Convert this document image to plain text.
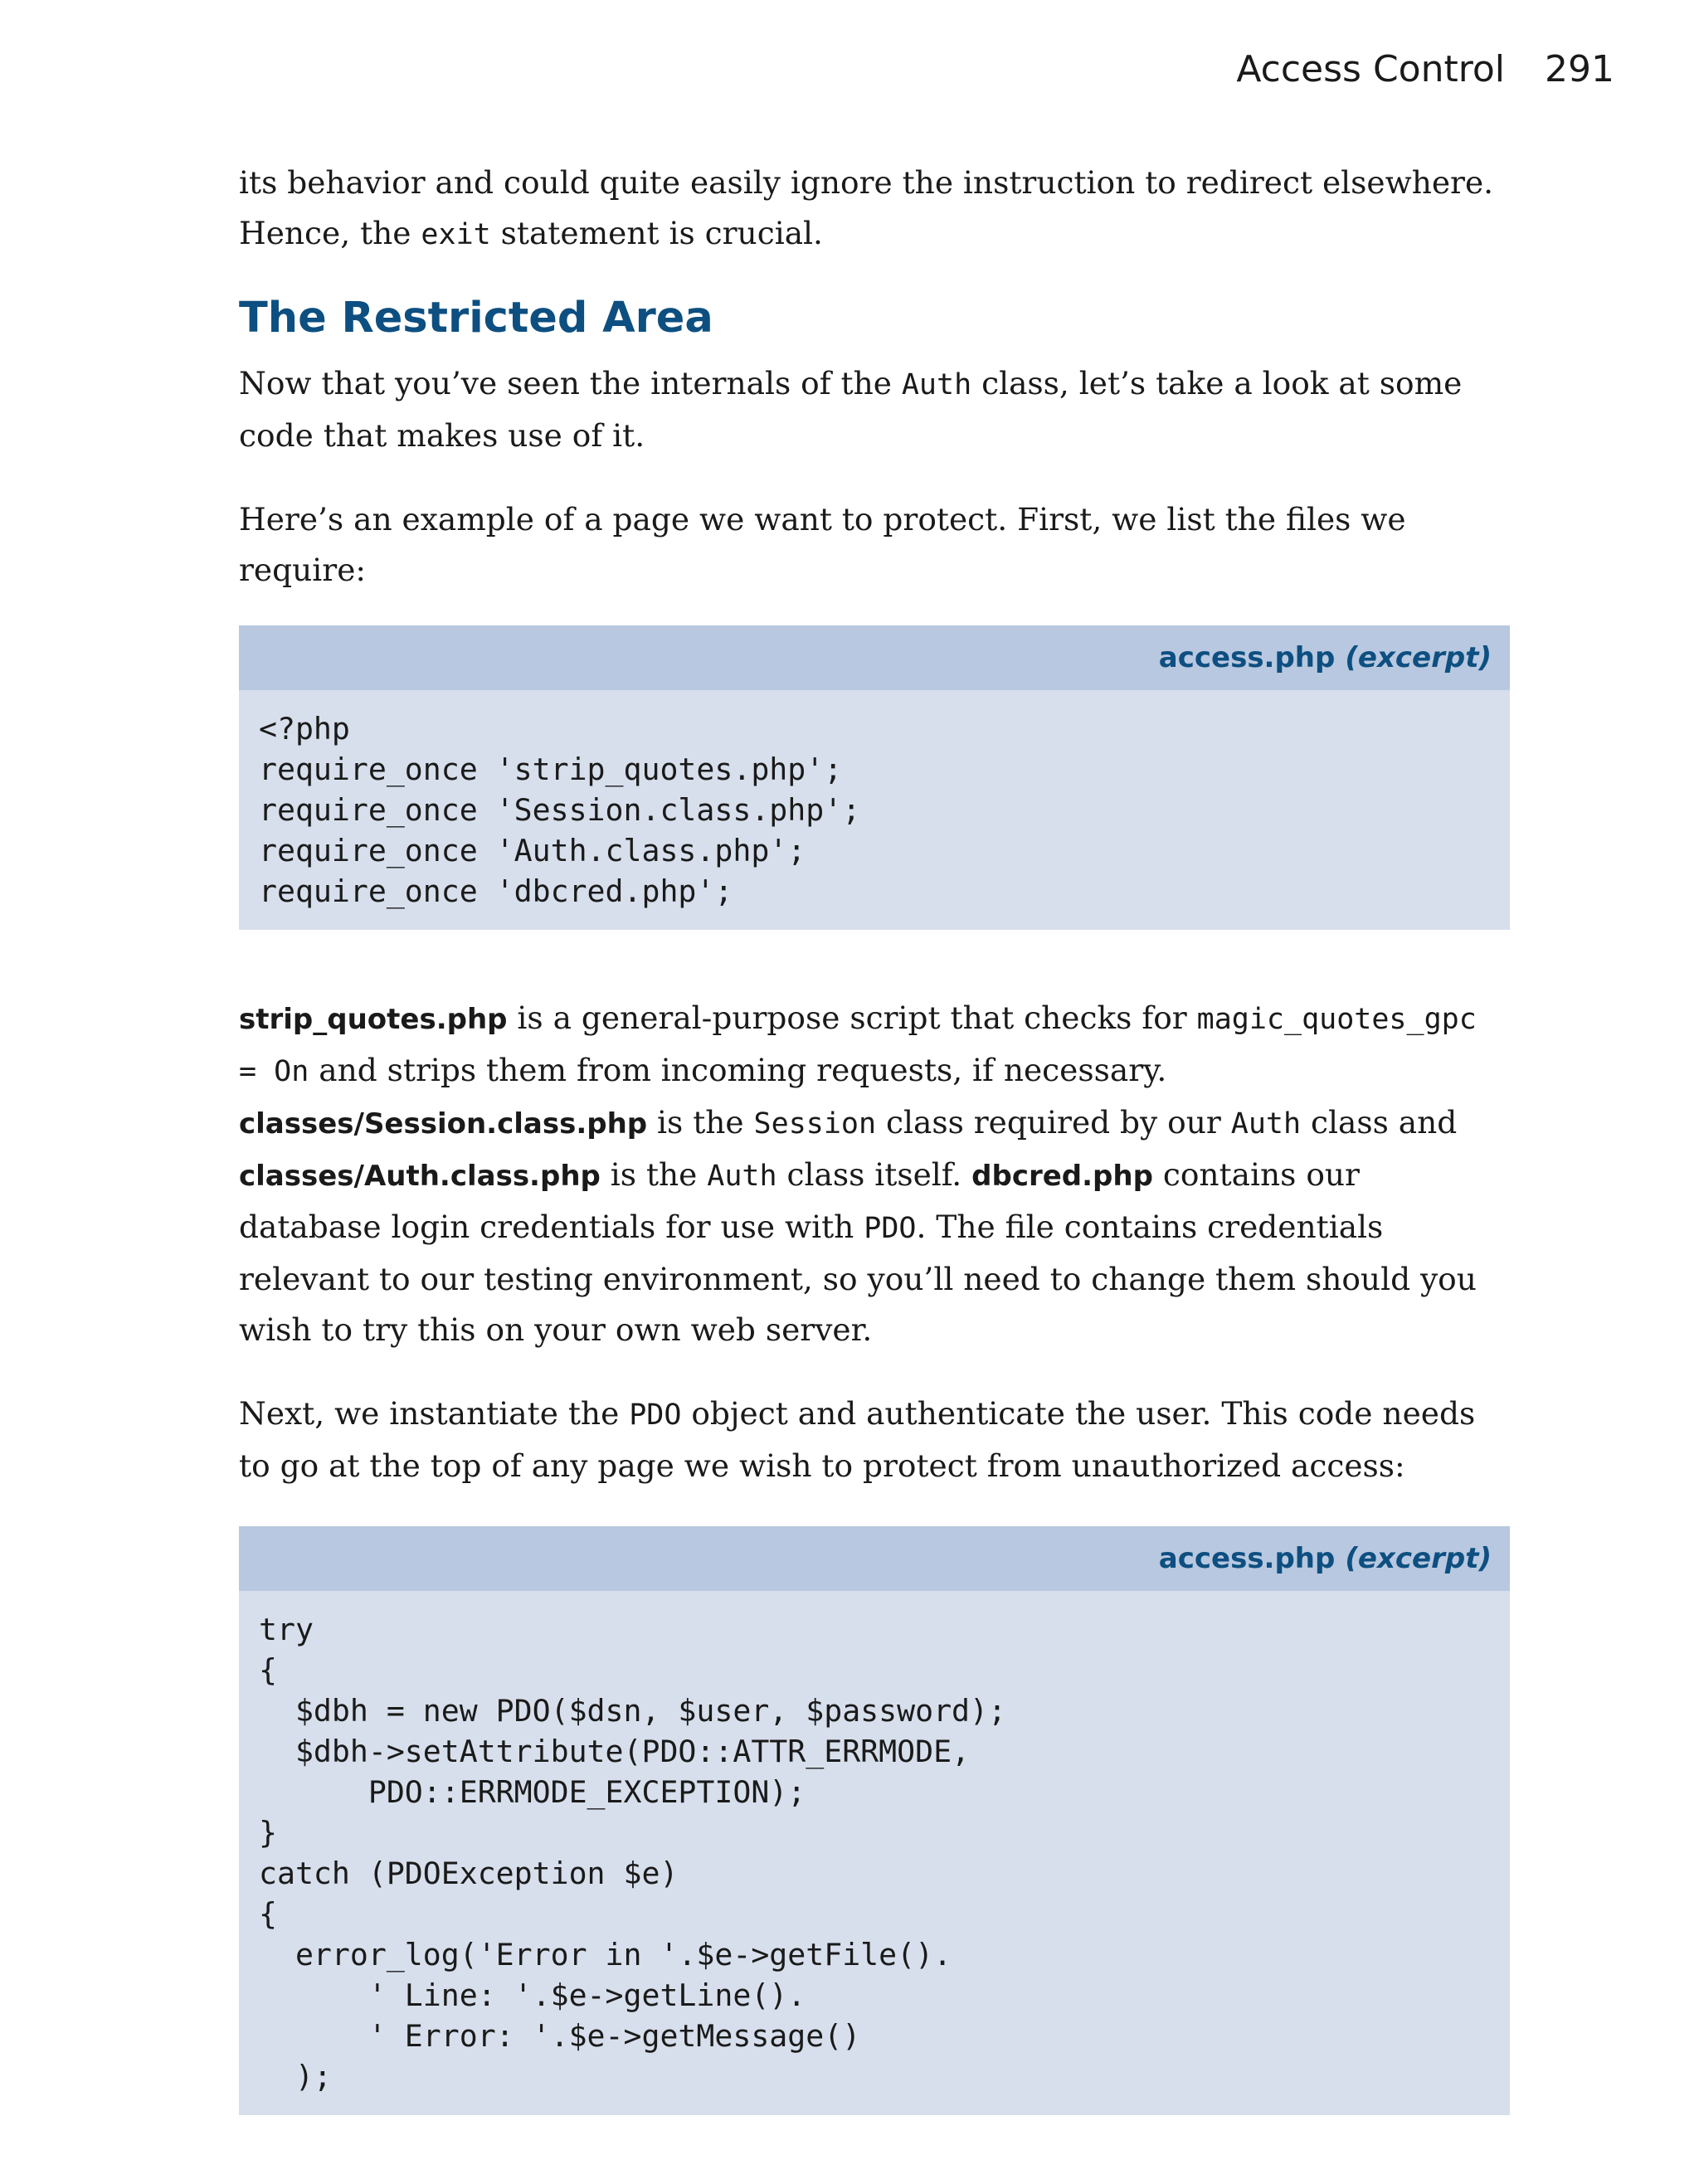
Access Control 291

its behavior and could quite easily ignore the instruction to redirect elsewhere.
Hence, the exit statement is crucial.

The Restricted Area

Now that you’ve seen the internals of the Auth class, let’s take a look at some code that makes use of it.

Here’s an example of a page we want to protect. First, we list the files we require:

access.php (excerpt)
<?php
require_once 'strip_quotes.php';
require_once 'Session.class.php';
require_once 'Auth.class.php';
require_once 'dbcred.php';

strip_quotes.php is a general-purpose script that checks for magic_quotes_gpc = On and strips them from incoming requests, if necessary. classes/Session.class.php is the Session class required by our Auth class and classes/Auth.class.php is the Auth class itself. dbcred.php contains our database login credentials for use with PDO. The file contains credentials relevant to our testing environment, so you’ll need to change them should you wish to try this on your own web server.

Next, we instantiate the PDO object and authenticate the user. This code needs to go at the top of any page we wish to protect from unauthorized access:

access.php (excerpt)
try
{
$dbh = new PDO($dsn, $user, $password);
$dbh->setAttribute(PDO::ATTR_ERRMODE,
PDO::ERRMODE_EXCEPTION);
}
catch (PDOException $e)
{
error_log('Error in '.$e->getFile().
' Line: '.$e->getLine().
' Error: '.$e->getMessage()
);
